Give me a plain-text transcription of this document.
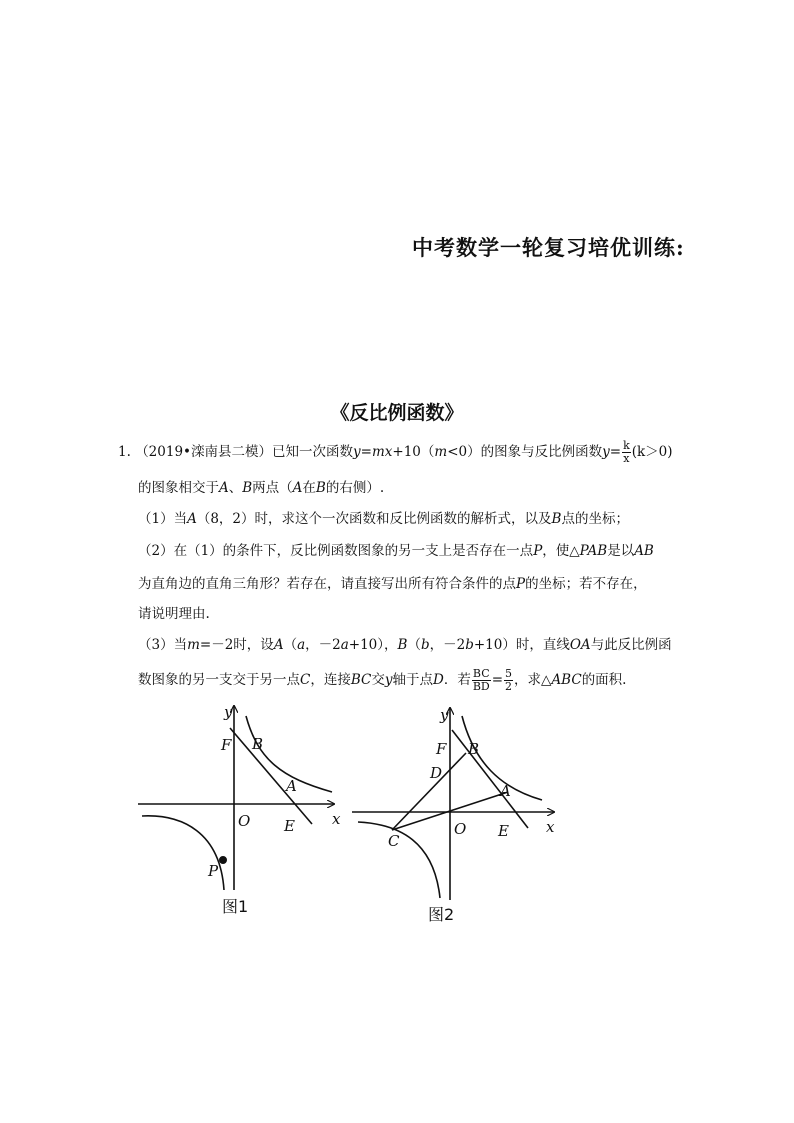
中考数学一轮复习培优训练:
《反比例函数》
1. （2019•滦南县二模）已知一次函数y=mx+10（m<0）的图象与反比例函数$y= \frac{k}{x} (k>0)$
的图象相交于A、B两点（A在B的右侧）.
（1）当A（8，2）时，求这个一次函数和反比例函数的解析式，以及B点的坐标；
（2）在（1）的条件下，反比例函数图象的另一支上是否存在一点P，使△PAB是以AB
为直角边的直角三角形？若存在，请直接写出所有符合条件的点P的坐标；若不存在，
请说明理由.
（3）当m=－2时，设A（a，－2a+10），B（b，－2b+10）时，直线OA与此反比例函
数图象的另一支交于另一点C，连接BC交y轴于点D．若 $\frac{BC}{BD} = \frac{5}{2}$ ，求△ABC的面积.
y
x
F B
A
O E
P
图1
y
x
F B
D
A
C
O E
图2
